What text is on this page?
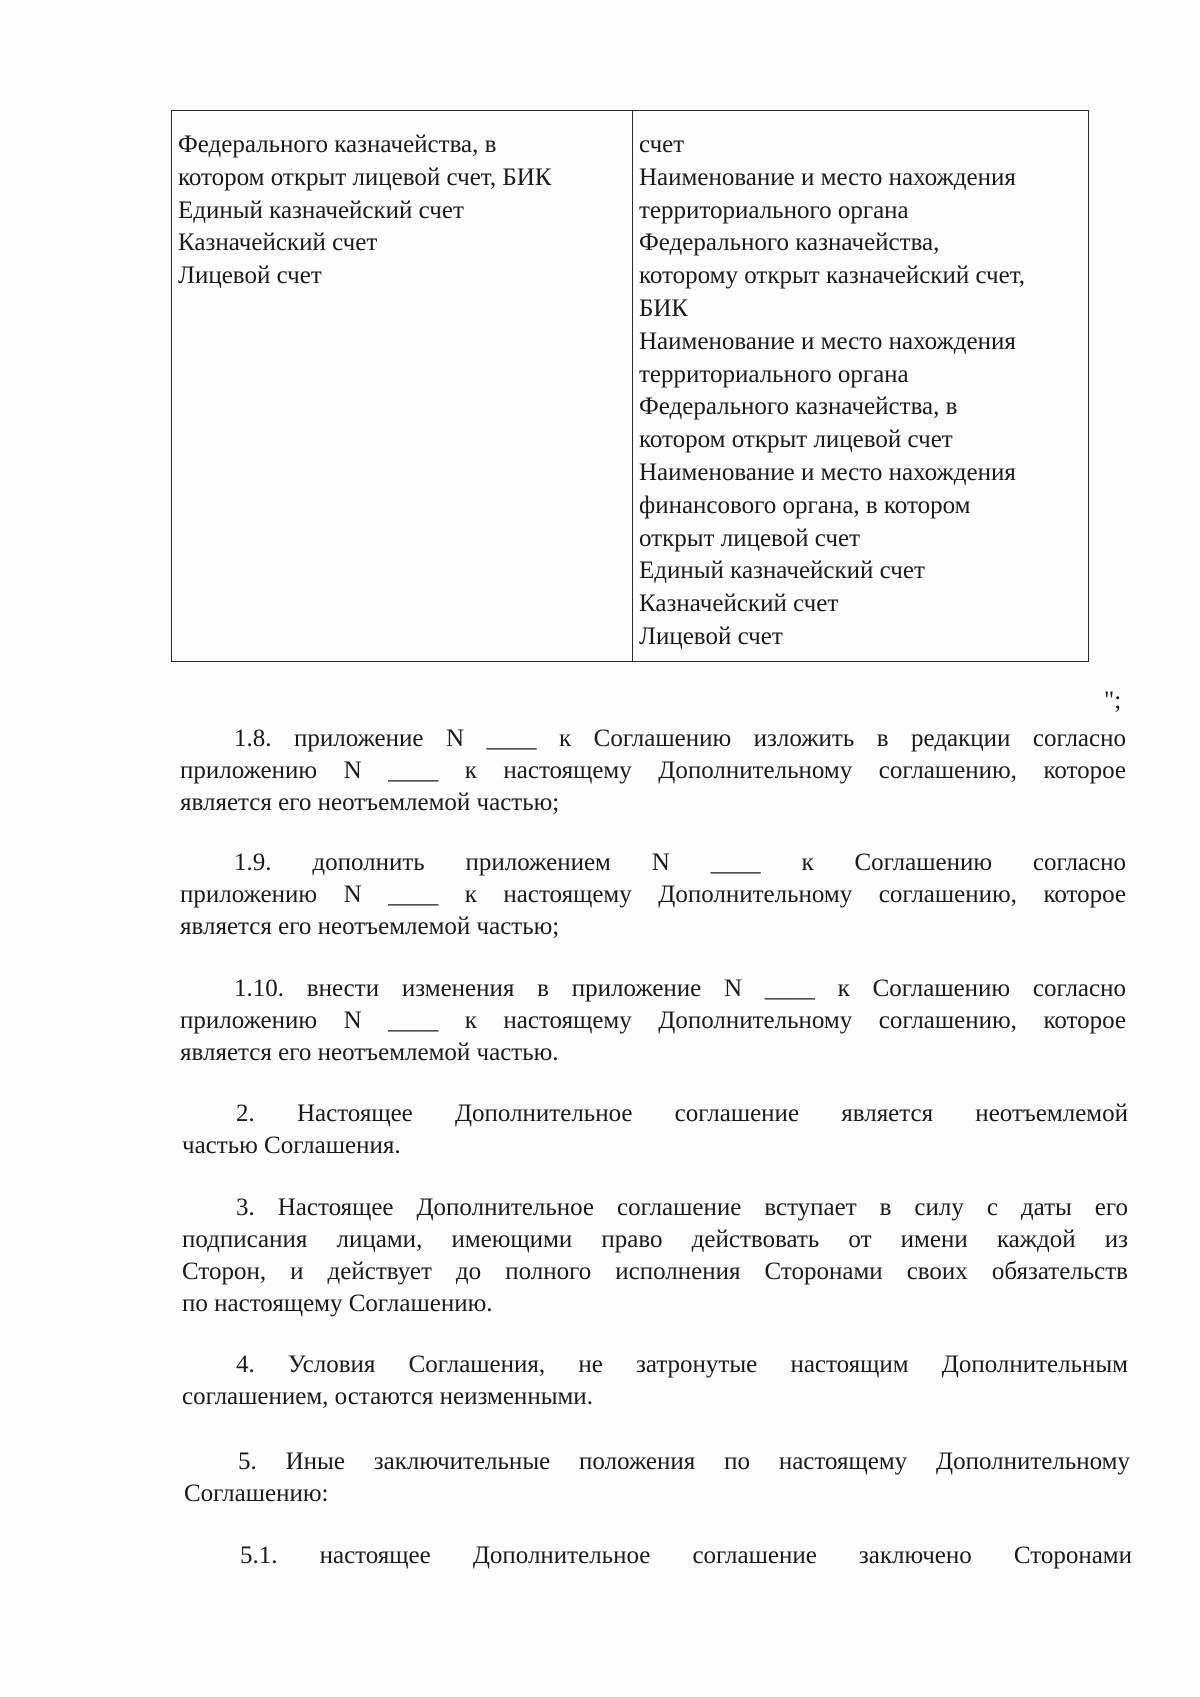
Федерального казначейства, в
котором открыт лицевой счет, БИК
Единый казначейский счет
Казначейский счет
Лицевой счет
счет
Наименование и место нахождения
территориального органа
Федерального казначейства,
которому открыт казначейский счет,
БИК
Наименование и место нахождения
территориального органа
Федерального казначейства, в
котором открыт лицевой счет
Наименование и место нахождения
финансового органа, в котором
открыт лицевой счет
Единый казначейский счет
Казначейский счет
Лицевой счет
";
1.8. приложение N ____ к Соглашению изложить в редакции согласно
приложению N ____ к настоящему Дополнительному соглашению, которое
является его неотъемлемой частью;
1.9. дополнить приложением N ____ к Соглашению согласно
приложению N ____ к настоящему Дополнительному соглашению, которое
является его неотъемлемой частью;
1.10. внести изменения в приложение N ____ к Соглашению согласно
приложению N ____ к настоящему Дополнительному соглашению, которое
является его неотъемлемой частью.
2. Настоящее Дополнительное соглашение является неотъемлемой
частью Соглашения.
3. Настоящее Дополнительное соглашение вступает в силу с даты его
подписания лицами, имеющими право действовать от имени каждой из
Сторон, и действует до полного исполнения Сторонами своих обязательств
по настоящему Соглашению.
4. Условия Соглашения, не затронутые настоящим Дополнительным
соглашением, остаются неизменными.
5. Иные заключительные положения по настоящему Дополнительному
Соглашению:
5.1. настоящее Дополнительное соглашение заключено Сторонами
